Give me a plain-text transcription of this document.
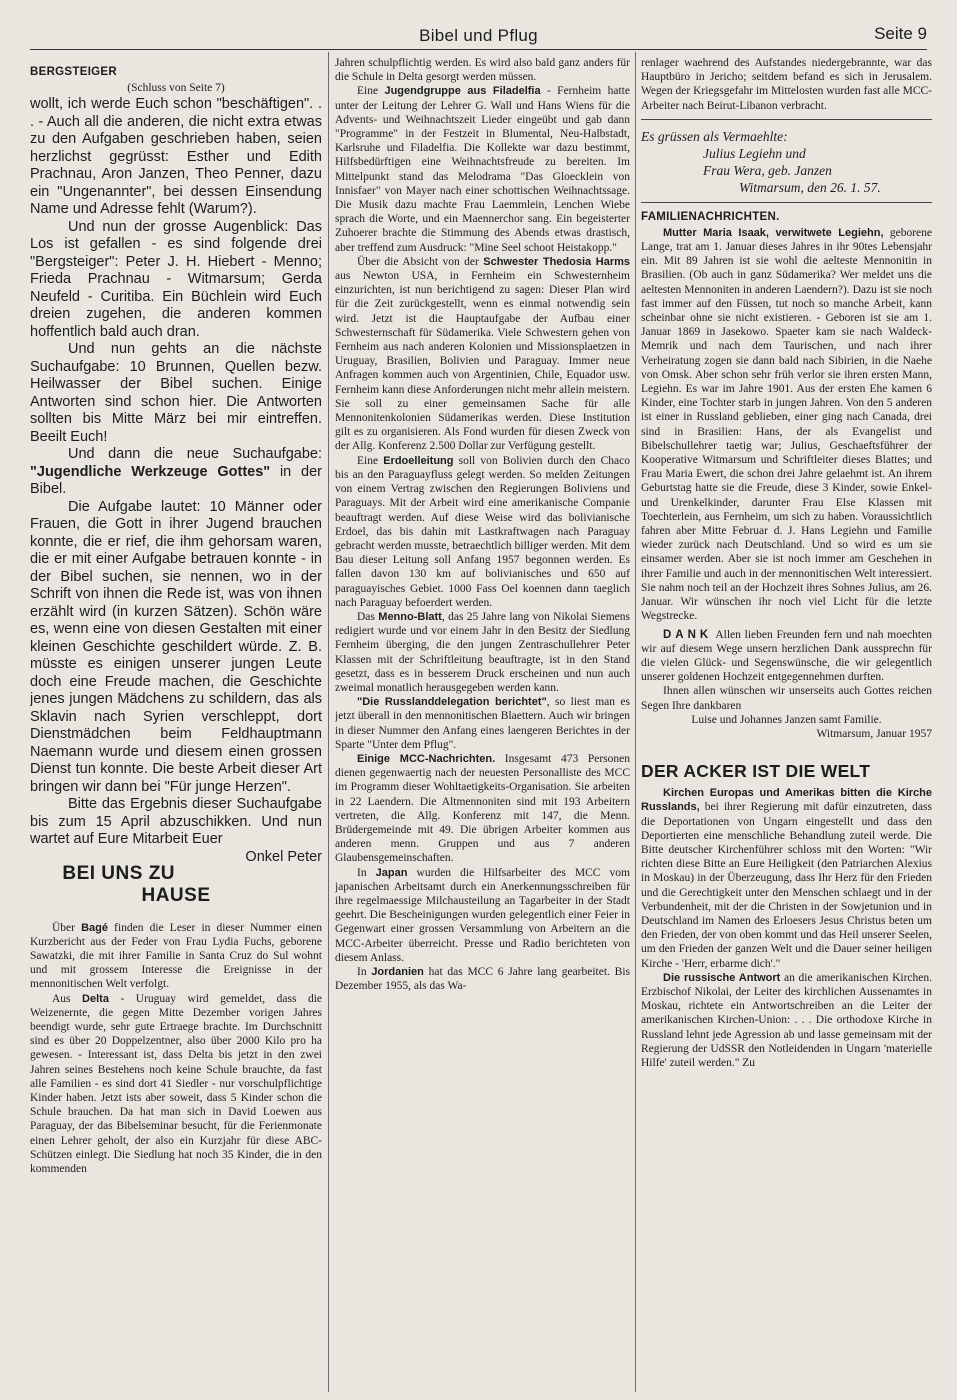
Bibel und Pflug	Seite 9
BERGSTEIGER
(Schluss von Seite 7)

wollt, ich werde Euch schon "beschäftigen". . . - Auch all die anderen, die nicht extra etwas zu den Aufgaben geschrieben haben, seien herzlichst gegrüsst: Esther und Edith Prachnau, Aron Janzen, Theo Penner, dazu ein "Ungenannter", bei dessen Einsendung Name und Adresse fehlt (Warum?).

Und nun der grosse Augenblick: Das Los ist gefallen - es sind folgende drei "Bergsteiger": Peter J. H. Hiebert - Menno; Frieda Prachnau - Witmarsum; Gerda Neufeld - Curitiba. Ein Büchlein wird Euch dreien zugehen, die anderen kommen hoffentlich bald auch dran.

Und nun gehts an die nächste Suchaufgabe: 10 Brunnen, Quellen bezw. Heilwasser der Bibel suchen. Einige Antworten sind schon hier. Die Antworten sollten bis Mitte März bei mir eintreffen. Beeilt Euch!

Und dann die neue Suchaufgabe: "Jugendliche Werkzeuge Gottes" in der Bibel.

Die Aufgabe lautet: 10 Männer oder Frauen, die Gott in ihrer Jugend brauchen konnte, die er rief, die ihm gehorsam waren, die er mit einer Aufgabe betrauen konnte - in der Bibel suchen, sie nennen, wo in der Schrift von ihnen die Rede ist, was von ihnen erzählt wird (in kurzen Sätzen). Schön wäre es, wenn eine von diesen Gestalten mit einer kleinen Geschichte geschildert würde. Z. B. müsste es einigen unserer jungen Leute doch eine Freude machen, die Geschichte jenes jungen Mädchens zu schildern, das als Sklavin nach Syrien verschleppt, dort Dienstmädchen beim Feldhauptmann Naemann wurde und diesem einen grossen Dienst tun konnte. Die beste Arbeit dieser Art bringen wir dann bei "Für junge Herzen".

Bitte das Ergebnis dieser Suchaufgabe bis zum 15 April abzuschikken. Und nun wartet auf Eure Mitarbeit Euer
Onkel Peter

BEI UNS ZU HAUSE

Über Bagé finden die Leser in dieser Nummer einen Kurzbericht aus der Feder von Frau Lydia Fuchs, geborene Sawatzki, die mit ihrer Familie in Santa Cruz do Sul wohnt und mit grossem Interesse die Ereignisse in der mennonitischen Welt verfolgt.

Aus Delta - Uruguay wird gemeldet, dass die Weizenernte, die gegen Mitte Dezember vorigen Jahres beendigt wurde, sehr gute Ertraege brachte. Im Durchschnitt sind es über 20 Doppelzentner, also über 2000 Kilo pro ha gewesen. - Interessant ist, dass Delta bis jetzt in den zwei Jahren seines Bestehens noch keine Schule brauchte, da fast alle Familien - es sind dort 41 Siedler - nur vorschulpflichtige Kinder haben. Jetzt ists aber soweit, dass 5 Kinder schon die Schule brauchen. Da hat man sich in David Loewen aus Paraguay, der das Bibelseminar besucht, für die Ferienmonate einen Lehrer geholt, der also ein Kurzjahr für diese ABC-Schützen einlegt. Die Siedlung hat noch 35 Kinder, die in den kommenden

Jahren schulpflichtig werden. Es wird also bald ganz anders für die Schule in Delta gesorgt werden müssen.

Eine Jugendgruppe aus Filadelfia - Fernheim hatte unter der Leitung der Lehrer G. Wall und Hans Wiens für die Advents- und Weihnachtszeit Lieder eingeübt und gab dann "Programme" in der Festzeit in Blumental, Neu-Halbstadt, Karlsruhe und Filadelfia. Die Kollekte war dazu bestimmt, Hilfsbedürftigen eine Weihnachtsfreude zu bereiten. Im Mittelpunkt stand das Melodrama "Das Gloecklein von Innisfaer" von Mayer nach einer schottischen Weihnachtssage. Die Musik dazu machte Frau Laemmlein, Lenchen Wiebe sprach die Worte, und ein Maennerchor sang. Ein begeisterter Zuhoerer brachte die Stimmung des Abends etwas drastisch, aber treffend zum Ausdruck: "Mine Seel schoot Heistakopp."

Über die Absicht von der Schwester Thedosia Harms aus Newton USA, in Fernheim ein Schwesternheim einzurichten, ist nun berichtigend zu sagen: Dieser Plan wird für die Zeit zurückgestellt, wenn es einmal notwendig sein wird. Jetzt ist die Hauptaufgabe der Aufbau einer Schwesternschaft für Südamerika. Viele Schwestern gehen von Fernheim aus nach anderen Kolonien und Missionsplaetzen in Uruguay, Brasilien, Bolivien und Paraguay. Immer neue Anfragen kommen auch von Argentinien, Chile, Equador usw. Fernheim kann diese Anforderungen nicht mehr allein meistern. Sie soll zu einer gemeinsamen Sache für alle Mennonitenkolonien Südamerikas werden. Diese Institution gilt es zu organisieren. Als Fond wurden für diesen Zweck von der Allg. Konferenz 2.500 Dollar zur Verfügung gestellt.

Eine Erdoelleitung soll von Bolivien durch den Chaco bis an den Paraguayfluss gelegt werden. So melden Zeitungen von einem Vertrag zwischen den Regierungen Boliviens und Paraguays. Mit der Arbeit wird eine amerikanische Companie beauftragt werden. Auf diese Weise wird das bolivianische Erdoel, das bis dahin mit Lastkraftwagen nach Paraguay gebracht werden musste, betraechtlich billiger werden. Mit dem Bau dieser Leitung soll Anfang 1957 begonnen werden. Es fallen davon 130 km auf bolivianisches und 650 auf paraguayisches Gebiet. 1000 Fass Oel koennen dann taeglich nach Paraguay befoerdert werden.

Das Menno-Blatt, das 25 Jahre lang von Nikolai Siemens redigiert wurde und vor einem Jahr in den Besitz der Siedlung Fernheim überging, die den jungen Zentraschullehrer Peter Klassen mit der Schriftleitung beauftragte, ist in den Stand gesetzt, dass es in besserem Druck erscheinen und nun auch zweimal monatlich herausgegeben werden kann.

"Die Russlanddelegation berichtet", so liest man es jetzt überall in den mennonitischen Blaettern. Auch wir bringen in dieser Nummer den Anfang eines laengeren Berichtes in der Sparte "Unter dem Pflug".

Einige MCC-Nachrichten. Insgesamt 473 Personen dienen gegenwaertig nach der neuesten Personalliste des MCC im Programm dieser Wohltaetigkeits-Organisation. Sie arbeiten in 22 Laendern. Die Altmennoniten sind mit 193 Arbeitern vertreten, die Allg. Konferenz mit 147, die Menn. Brüdergemeinde mit 49. Die übrigen Arbeiter kommen aus anderen menn. Gruppen und aus 7 anderen Glaubensgemeinschaften.

In Japan wurden die Hilfsarbeiter des MCC vom japanischen Arbeitsamt durch ein Anerkennungsschreiben für ihre regelmaessige Milchausteilung an Tagarbeiter in der Stadt geehrt. Die Bescheinigungen wurden gelegentlich einer Feier in Gegenwart einer grossen Versammlung von Arbeitern an die MCC-Arbeiter überreicht. Presse und Radio berichteten von diesem Anlass.

In Jordanien hat das MCC 6 Jahre lang gearbeitet. Bis Dezember 1955, als das Wa-

renlager waehrend des Aufstandes niedergebrannte, war das Hauptbüro in Jericho; seitdem befand es sich in Jerusalem. Wegen der Kriegsgefahr im Mittelosten wurden fast alle MCC-Arbeiter nach Beirut-Libanon verbracht.

Es grüssen als Vermaehlte:
Julius Legiehn und
Frau Wera, geb. Janzen
Witmarsum, den 26. 1. 57.
FAMILIENACHRICHTEN.

Mutter Maria Isaak, verwitwete Legiehn, geborene Lange, trat am 1. Januar dieses Jahres in ihr 90tes Lebensjahr ein. Mit 89 Jahren ist sie wohl die aelteste Mennonitin in Brasilien. (Ob auch in ganz Südamerika? Wer meldet uns die aeltesten Mennoniten in anderen Laendern?). Dazu ist sie noch fast immer auf den Füssen, tut noch so manche Arbeit, kann scheinbar ohne sie nicht existieren. - Geboren ist sie am 1. Januar 1869 in Jasekowo. Spaeter kam sie nach Waldeck-Memrik und nach dem Taurischen, und nach ihrer Verheiratung zogen sie dann bald nach Sibirien, in die Naehe von Omsk. Aber schon sehr früh verlor sie ihren ersten Mann, Legiehn. Es war im Jahre 1901. Aus der ersten Ehe kamen 6 Kinder, eine Tochter starb in jungen Jahren. Von den 5 anderen ist einer in Russland geblieben, einer ging nach Canada, drei sind in Brasilien: Hans, der als Evangelist und Bibelschullehrer taetig war; Julius, Geschaeftsführer der Kooperative Witmarsum und Schriftleiter dieses Blattes; und Frau Maria Ewert, die schon drei Jahre gelaehmt ist. An ihrem Geburtstag hatte sie die Freude, diese 3 Kinder, sowie Enkel- und Urenkelkinder, darunter Frau Else Klassen mit Toechterlein, aus Fernheim, um sich zu haben. Voraussichtlich fahren aber Mitte Februar d. J. Hans Legiehn und Familie wieder zurück nach Deutschland. Und so wird es um sie einsamer werden. Aber sie ist noch immer am Geschehen in ihrer Familie und auch in der mennonitischen Welt interessiert. Sie nahm noch teil an der Hochzeit ihres Sohnes Julius, am 26. Januar. Wir wünschen ihr noch viel Licht für die letzte Wegstrecke.

DANK Allen lieben Freunden fern und nah moechten wir auf diesem Wege unsern herzlichen Dank aussprechn für die vielen Glück- und Segenswünsche, die wir gelegentlich unserer goldenen Hochzeit entgegennehmen durften.

Ihnen allen wünschen wir unserseits auch Gottes reichen Segen Ihre dankbaren

Luise und Johannes Janzen samt Familie.

Witmarsum, Januar 1957

DER ACKER IST DIE WELT

Kirchen Europas und Amerikas bitten die Kirche Russlands, bei ihrer Regierung mit dafür einzutreten, dass die Deportationen von Ungarn eingestellt und dass den Deportierten eine menschliche Behandlung zuteil werde. Die Bitte deutscher Kirchenführer schloss mit den Worten: "Wir richten diese Bitte an Eure Heiligkeit (den Patriarchen Alexius in Moskau) in der Überzeugung, dass Ihr Herz für den Frieden und die Gerechtigkeit unter den Menschen schlaegt und in der Verbundenheit, mit der die Christen in der Sowjetunion und in Deutschland im Namen des Erloesers Jesus Christus beten um den Frieden, der von oben kommt und das Heil unserer Seelen, um den Frieden der ganzen Welt und die Dauer seiner heiligen Kirche - 'Herr, erbarme dich'."

Die russische Antwort an die amerikanischen Kirchen. Erzbischof Nikolai, der Leiter des kirchlichen Aussenamtes in Moskau, richtete ein Antwortschreiben an die Leiter der amerikanischen Kirchen-Union: . . . Die orthodoxe Kirche in Russland lehnt jede Agression ab und lasse gemeinsam mit der Regierung der UdSSR den Notleidenden in Ungarn 'materielle Hilfe' zuteil werden." Zu
